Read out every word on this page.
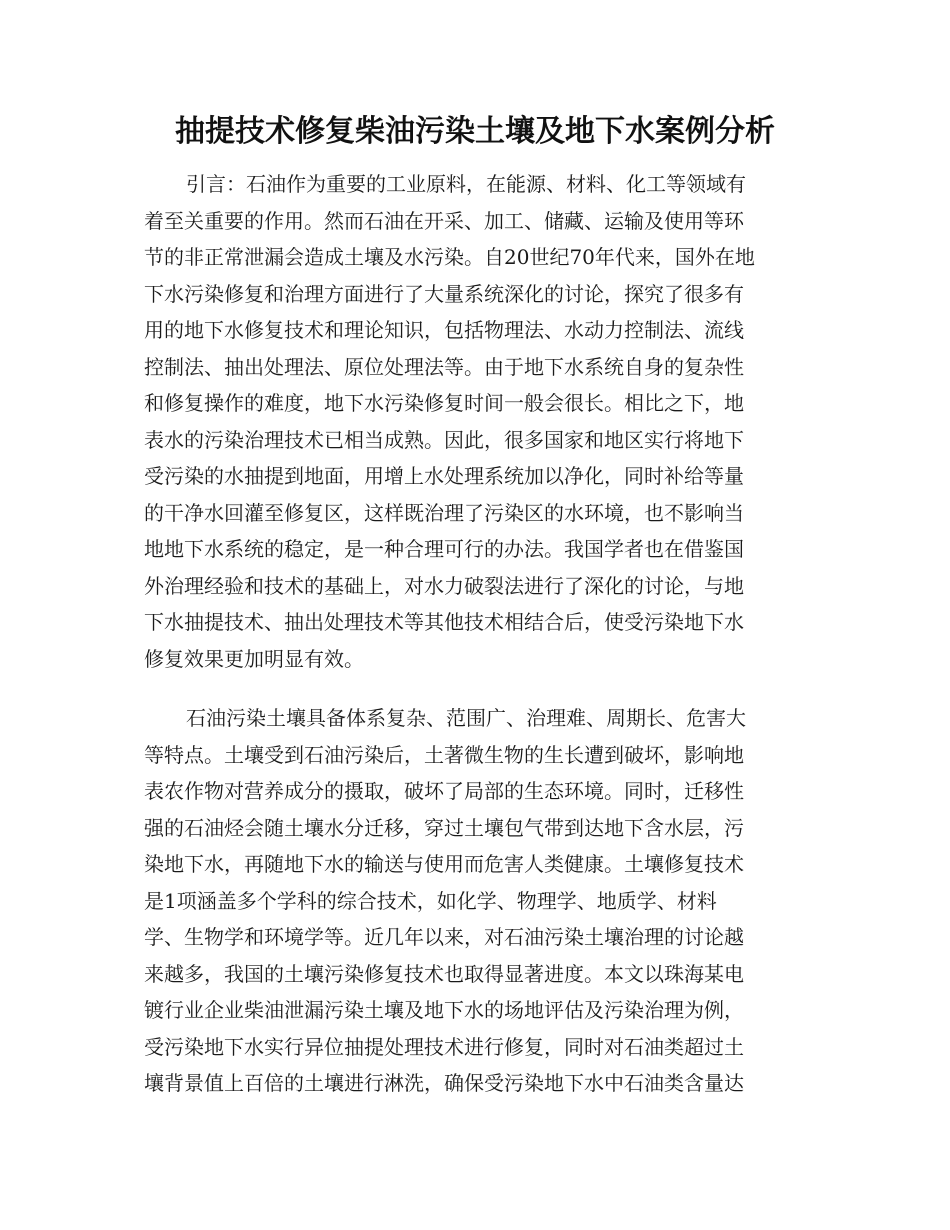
抽提技术修复柴油污染土壤及地下水案例分析
引言：石油作为重要的工业原料，在能源、材料、化工等领域有
着至关重要的作用。然而石油在开采、加工、储藏、运输及使用等环
节的非正常泄漏会造成土壤及水污染。自20世纪70年代来，国外在地
下水污染修复和治理方面进行了大量系统深化的讨论，探究了很多有
用的地下水修复技术和理论知识，包括物理法、水动力控制法、流线
控制法、抽出处理法、原位处理法等。由于地下水系统自身的复杂性
和修复操作的难度，地下水污染修复时间一般会很长。相比之下，地
表水的污染治理技术已相当成熟。因此，很多国家和地区实行将地下
受污染的水抽提到地面，用增上水处理系统加以净化，同时补给等量
的干净水回灌至修复区，这样既治理了污染区的水环境，也不影响当
地地下水系统的稳定，是一种合理可行的办法。我国学者也在借鉴国
外治理经验和技术的基础上，对水力破裂法进行了深化的讨论，与地
下水抽提技术、抽出处理技术等其他技术相结合后，使受污染地下水
修复效果更加明显有效。
石油污染土壤具备体系复杂、范围广、治理难、周期长、危害大
等特点。土壤受到石油污染后，土著微生物的生长遭到破坏，影响地
表农作物对营养成分的摄取，破坏了局部的生态环境。同时，迁移性
强的石油烃会随土壤水分迁移，穿过土壤包气带到达地下含水层，污
染地下水，再随地下水的输送与使用而危害人类健康。土壤修复技术
是1项涵盖多个学科的综合技术，如化学、物理学、地质学、材料
学、生物学和环境学等。近几年以来，对石油污染土壤治理的讨论越
来越多，我国的土壤污染修复技术也取得显著进度。本文以珠海某电
镀行业企业柴油泄漏污染土壤及地下水的场地评估及污染治理为例，
受污染地下水实行异位抽提处理技术进行修复，同时对石油类超过土
壤背景值上百倍的土壤进行淋洗，确保受污染地下水中石油类含量达
